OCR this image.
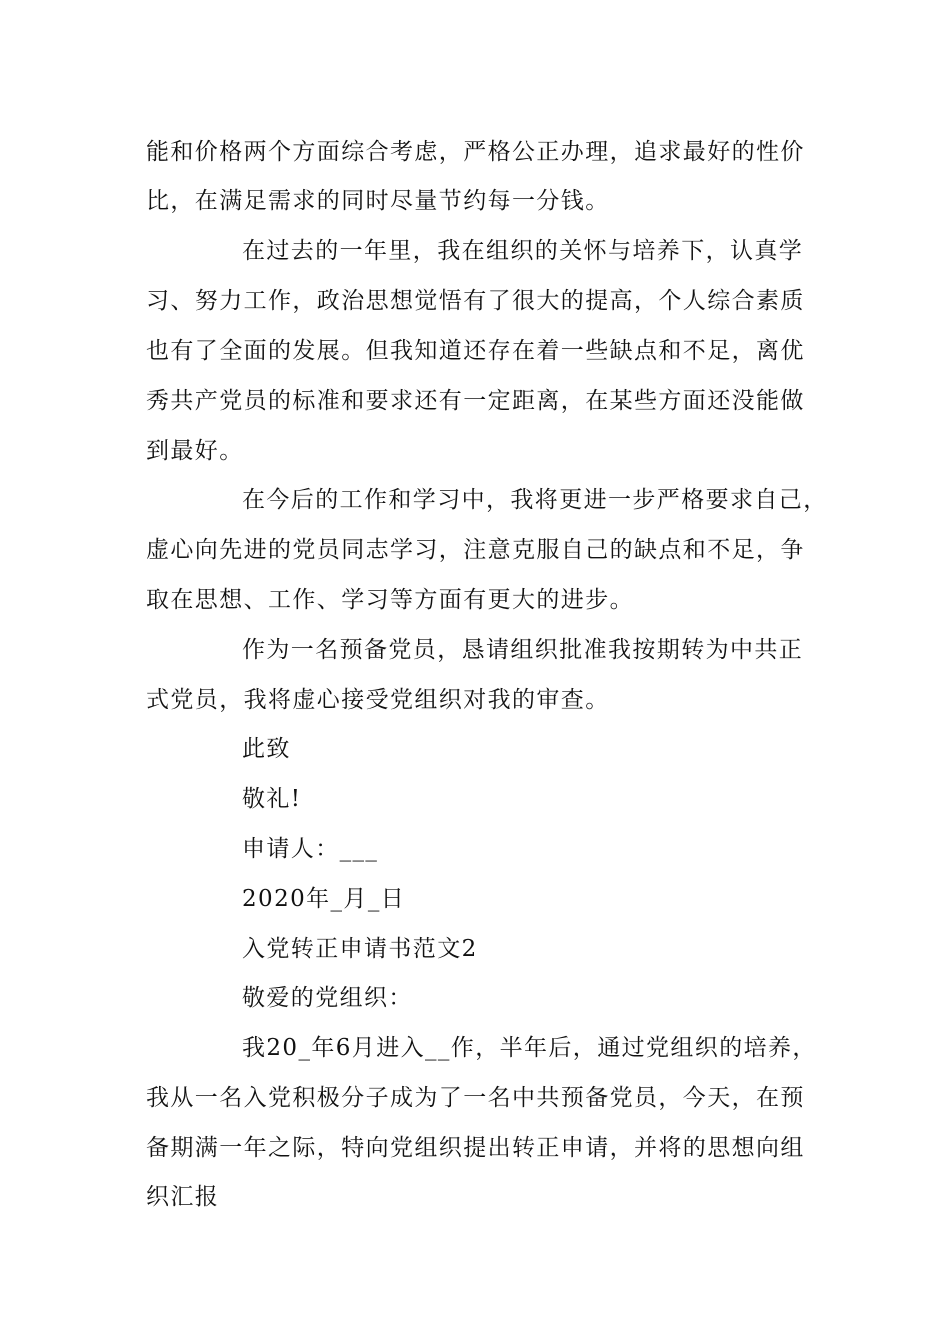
能和价格两个方面综合考虑，严格公正办理，追求最好的性价
比，在满足需求的同时尽量节约每一分钱。
在过去的一年里，我在组织的关怀与培养下，认真学
习、努力工作，政治思想觉悟有了很大的提高，个人综合素质
也有了全面的发展。但我知道还存在着一些缺点和不足，离优
秀共产党员的标准和要求还有一定距离，在某些方面还没能做
到最好。
在今后的工作和学习中，我将更进一步严格要求自己，
虚心向先进的党员同志学习，注意克服自己的缺点和不足，争
取在思想、工作、学习等方面有更大的进步。
作为一名预备党员，恳请组织批准我按期转为中共正
式党员，我将虚心接受党组织对我的审查。
此致
敬礼!
申请人：___
2020年_月_日
入党转正申请书范文2
敬爱的党组织：
我20_年6月进入__作，半年后，通过党组织的培养，
我从一名入党积极分子成为了一名中共预备党员，今天，在预
备期满一年之际，特向党组织提出转正申请，并将的思想向组
织汇报
